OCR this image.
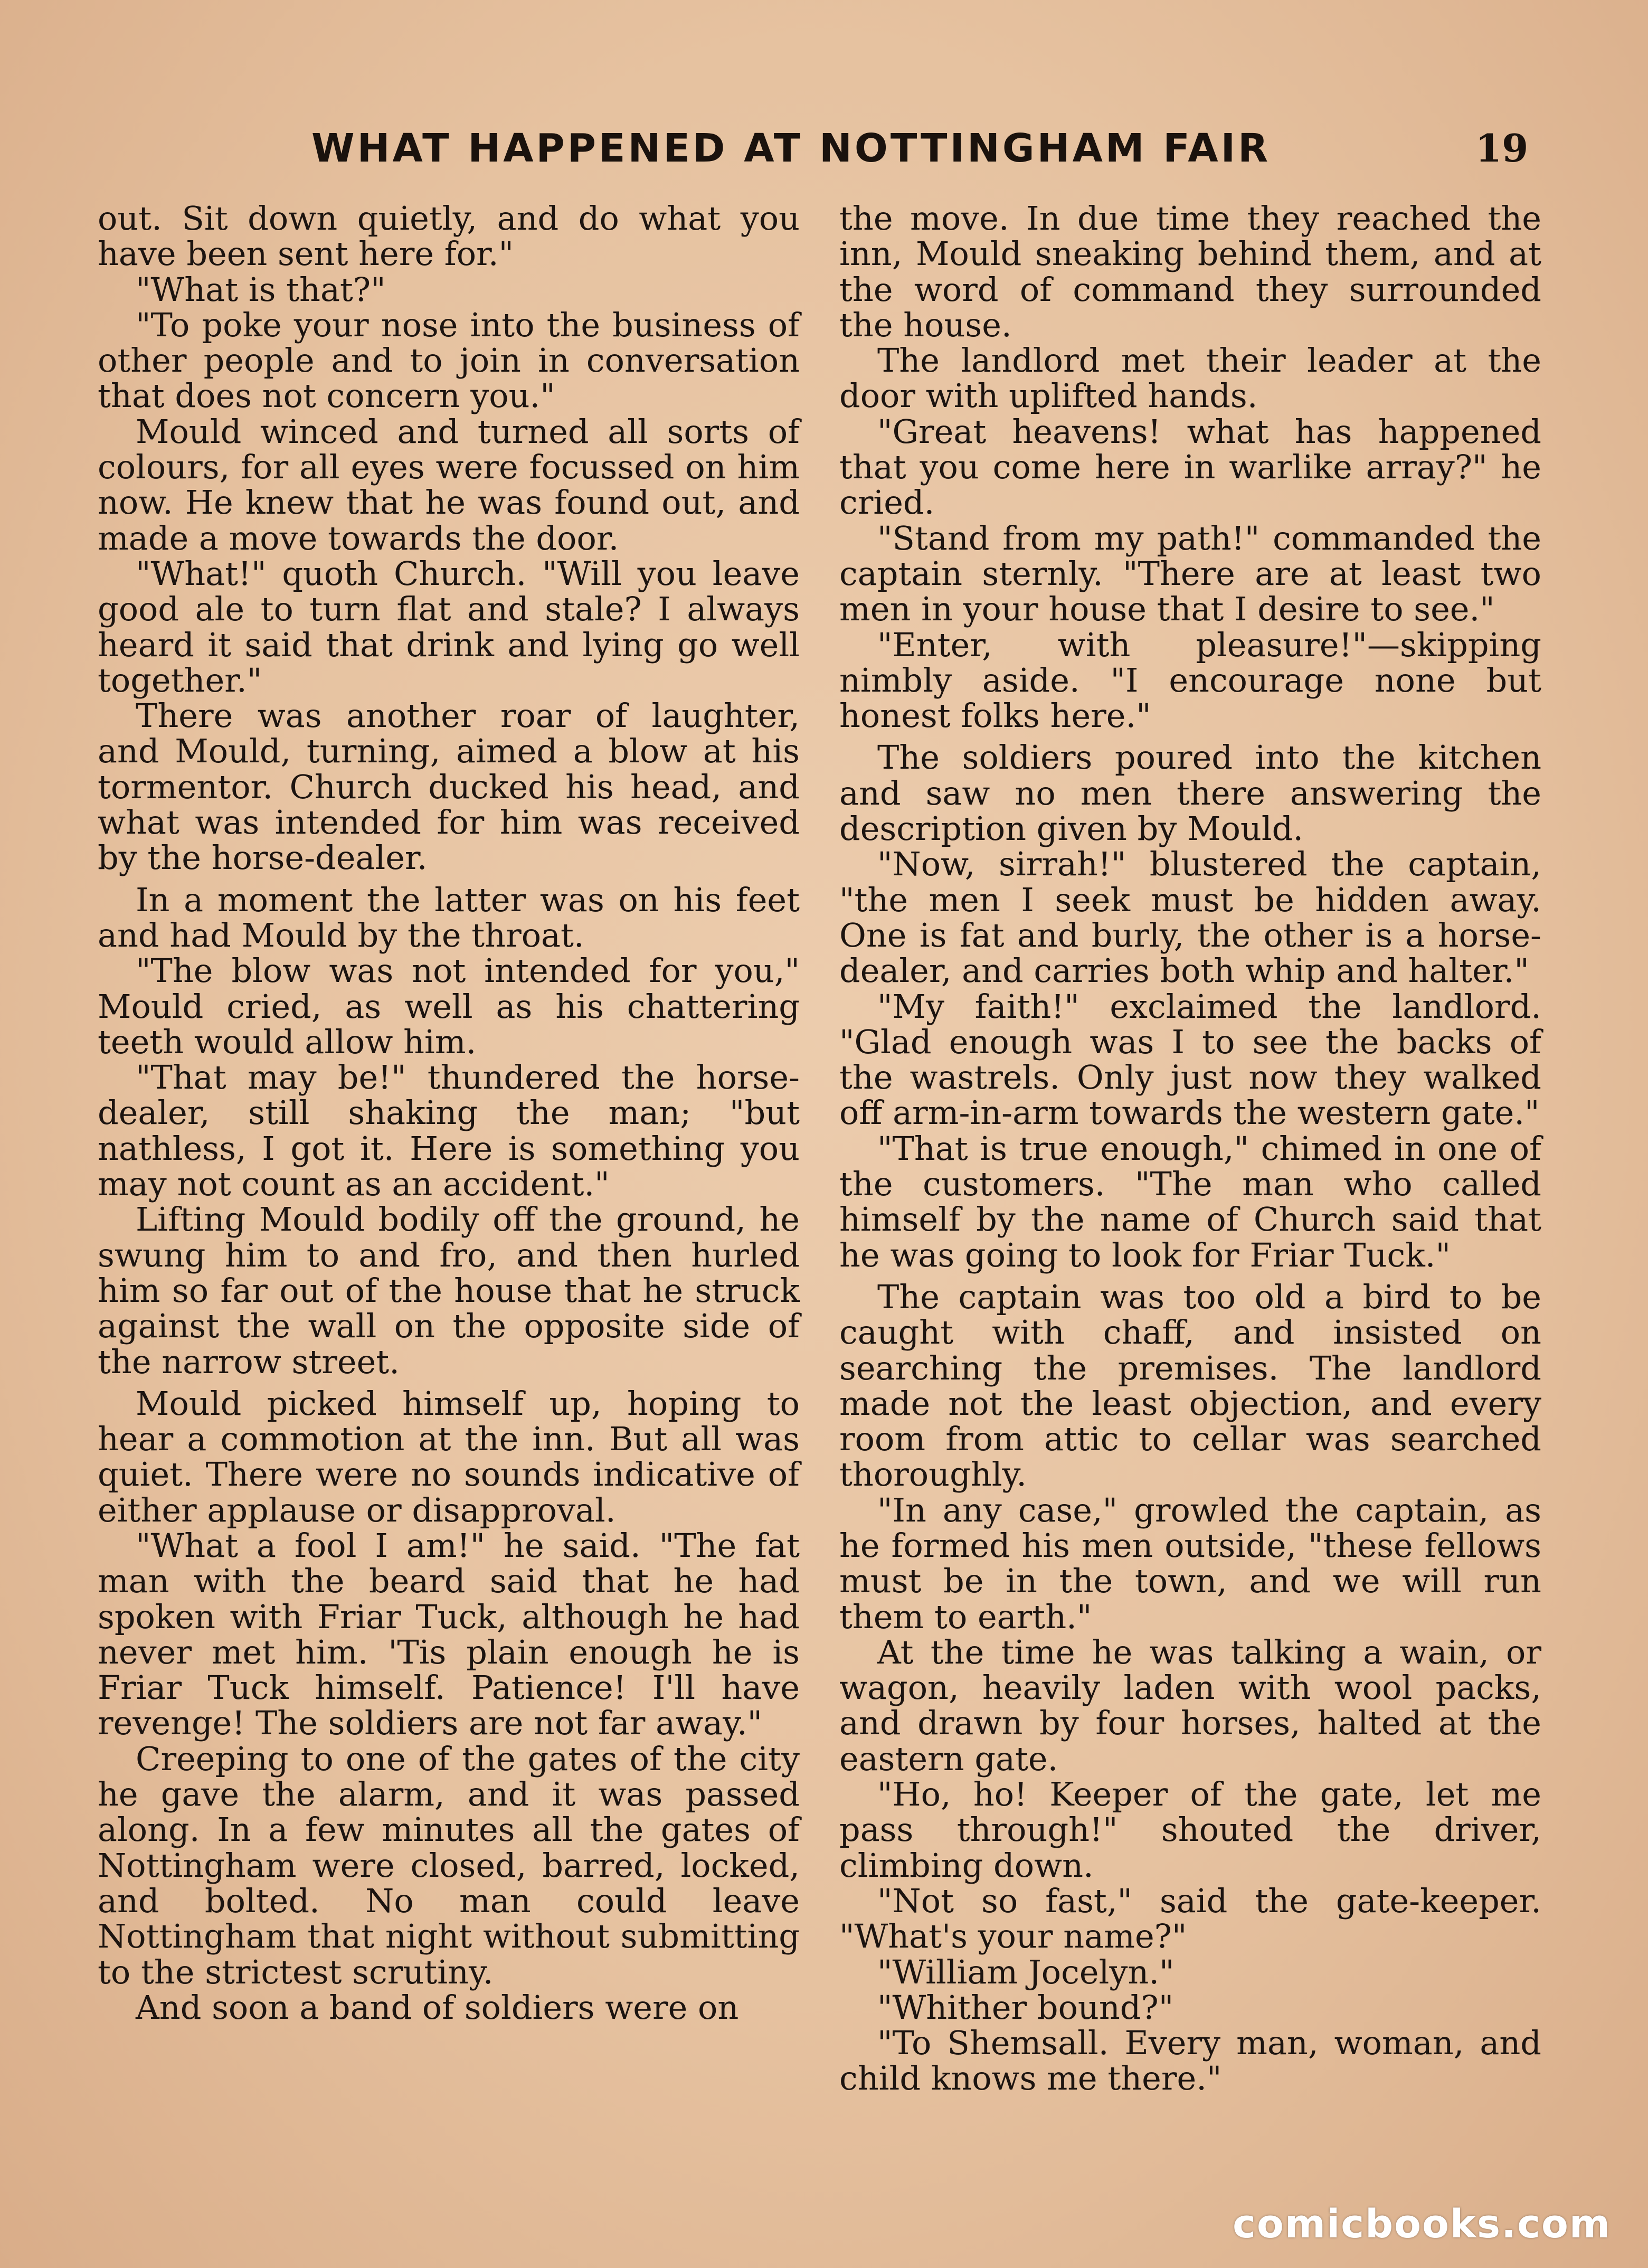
WHAT HAPPENED AT NOTTINGHAM FAIR	19

out. Sit down quietly, and do what you have been sent here for."

"What is that?"

"To poke your nose into the business of other people and to join in conversation that does not concern you."

Mould winced and turned all sorts of colours, for all eyes were focussed on him now. He knew that he was found out, and made a move towards the door.

"What!" quoth Church. "Will you leave good ale to turn flat and stale? I always heard it said that drink and lying go well together."

There was another roar of laughter, and Mould, turning, aimed a blow at his tormentor. Church ducked his head, and what was intended for him was received by the horse-dealer.

In a moment the latter was on his feet and had Mould by the throat.

"The blow was not intended for you," Mould cried, as well as his chattering teeth would allow him.

"That may be!" thundered the horse-dealer, still shaking the man; "but nathless, I got it. Here is something you may not count as an accident."

Lifting Mould bodily off the ground, he swung him to and fro, and then hurled him so far out of the house that he struck against the wall on the opposite side of the narrow street.

Mould picked himself up, hoping to hear a commotion at the inn. But all was quiet. There were no sounds indicative of either applause or disapproval.

"What a fool I am!" he said. "The fat man with the beard said that he had spoken with Friar Tuck, although he had never met him. 'Tis plain enough he is Friar Tuck himself. Patience! I'll have revenge! The soldiers are not far away."

Creeping to one of the gates of the city he gave the alarm, and it was passed along. In a few minutes all the gates of Nottingham were closed, barred, locked, and bolted. No man could leave Nottingham that night without submitting to the strictest scrutiny.

And soon a band of soldiers were on

the move. In due time they reached the inn, Mould sneaking behind them, and at the word of command they surrounded the house.

The landlord met their leader at the door with uplifted hands.

"Great heavens! what has happened that you come here in warlike array?" he cried.

"Stand from my path!" commanded the captain sternly. "There are at least two men in your house that I desire to see."

"Enter, with pleasure!"—skipping nimbly aside. "I encourage none but honest folks here."

The soldiers poured into the kitchen and saw no men there answering the description given by Mould.

"Now, sirrah!" blustered the captain, "the men I seek must be hidden away. One is fat and burly, the other is a horse-dealer, and carries both whip and halter."

"My faith!" exclaimed the landlord. "Glad enough was I to see the backs of the wastrels. Only just now they walked off arm-in-arm towards the western gate."

"That is true enough," chimed in one of the customers. "The man who called himself by the name of Church said that he was going to look for Friar Tuck."

The captain was too old a bird to be caught with chaff, and insisted on searching the premises. The landlord made not the least objection, and every room from attic to cellar was searched thoroughly.

"In any case," growled the captain, as he formed his men outside, "these fellows must be in the town, and we will run them to earth."

At the time he was talking a wain, or wagon, heavily laden with wool packs, and drawn by four horses, halted at the eastern gate.

"Ho, ho! Keeper of the gate, let me pass through!" shouted the driver, climbing down.

"Not so fast," said the gate-keeper. "What's your name?"

"William Jocelyn."

"Whither bound?"

"To Shemsall. Every man, woman, and child knows me there."

comicbooks.com
